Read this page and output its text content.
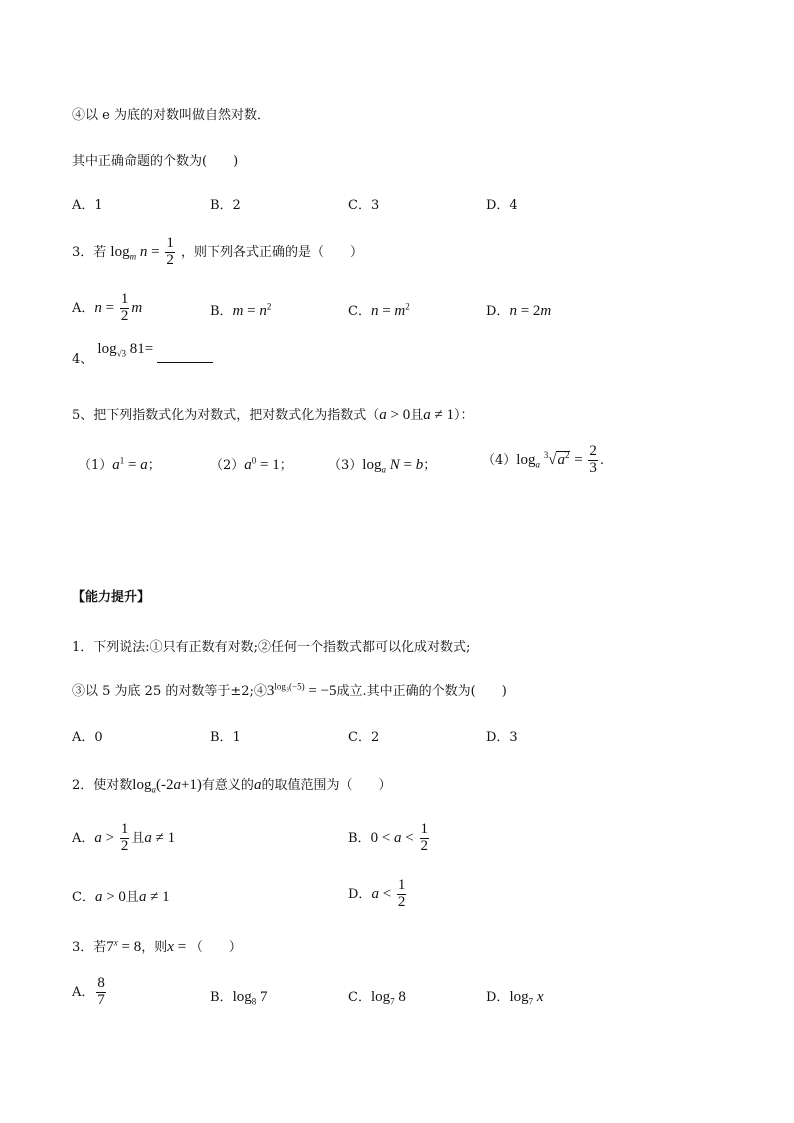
④以 e 为底的对数叫做自然对数．
其中正确命题的个数为(　　)
A．1	B．2	C．3	D．4
3．若 $\log_m n = \frac{1}{2}$ ，则下列各式正确的是（　　）
A．$n = \frac{1}{2}$ m	B．$m = n^2$	C．$n = m^2$	D．n = 2m
4、 $\log_{√3} 81=$
5、把下列指数式化为对数式，把对数式化为指数式（a > 0且a ≠ 1）：
$(1)a^1 = a$；	$(2)a^0 = 1$；	$(3)\log_a$ N = b；	$(4)\log_a$ $^3√a^2 = \frac{2}{3}$ .
【能力提升】
1．下列说法:①只有正数有对数;②任何一个指数式都可以化成对数式;
③以 5 为底 25 的对数等于$\pm 2;④3^{log_3(-5)} = -5$成立.其中正确的个数为(　　)
A．0	B．1	C．2	D．3
2．使对数$\log_a(-2a+1)$有意义的a的取值范围为（　　）
A．$a > \frac{1}{2}$ 且a ≠ 1	B．$0 < a < \frac{1}{2}$
C．a > 0且a ≠ 1	D．$a < \frac{1}{2}$
3．若$7^x = 8$，则x = （　　）
A． $\frac{8}{7}$	B．$\log_8 7$	C．$\log_7 8$	D．$\log_7 x$
